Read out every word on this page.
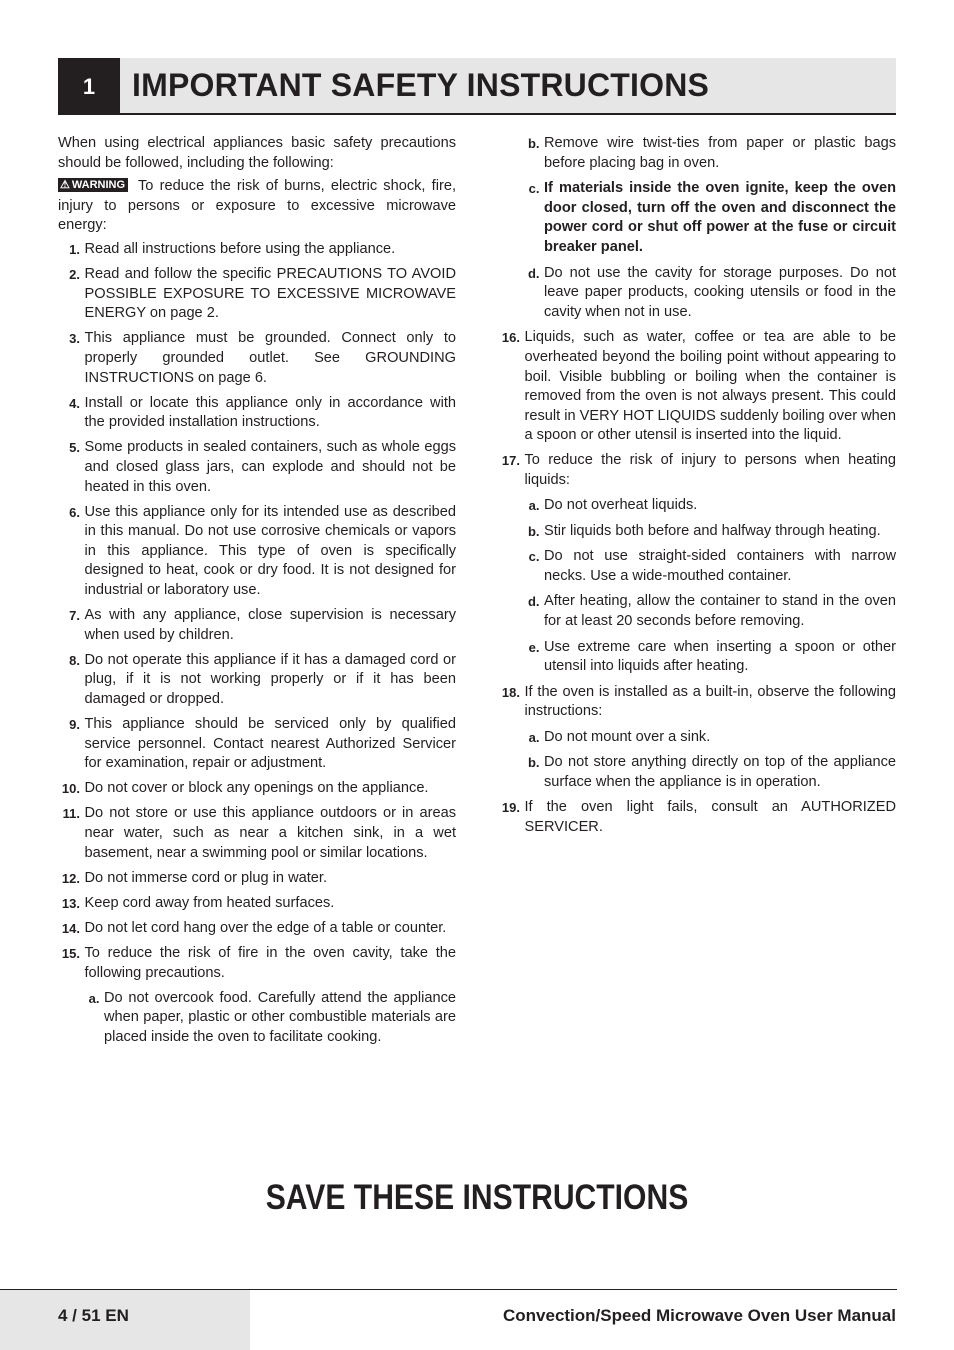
1	IMPORTANT SAFETY INSTRUCTIONS

When using electrical appliances basic safety precautions should be followed, including the following:

⚠ WARNING To reduce the risk of burns, electric shock, fire, injury to persons or exposure to excessive microwave energy:

1. Read all instructions before using the appliance.
2. Read and follow the specific PRECAUTIONS TO AVOID POSSIBLE EXPOSURE TO EXCESSIVE MICROWAVE ENERGY on page 2.
3. This appliance must be grounded. Connect only to properly grounded outlet. See GROUNDING INSTRUCTIONS on page 6.
4. Install or locate this appliance only in accordance with the provided installation instructions.
5. Some products in sealed containers, such as whole eggs and closed glass jars, can explode and should not be heated in this oven.
6. Use this appliance only for its intended use as described in this manual. Do not use corrosive chemicals or vapors in this appliance. This type of oven is specifically designed to heat, cook or dry food. It is not designed for industrial or laboratory use.
7. As with any appliance, close supervision is necessary when used by children.
8. Do not operate this appliance if it has a damaged cord or plug, if it is not working properly or if it has been damaged or dropped.
9. This appliance should be serviced only by qualified service personnel. Contact nearest Authorized Servicer for examination, repair or adjustment.
10. Do not cover or block any openings on the appliance.
11. Do not store or use this appliance outdoors or in areas near water, such as near a kitchen sink, in a wet basement, near a swimming pool or similar locations.
12. Do not immerse cord or plug in water.
13. Keep cord away from heated surfaces.
14. Do not let cord hang over the edge of a table or counter.
15. To reduce the risk of fire in the oven cavity, take the following precautions.
a. Do not overcook food. Carefully attend the appliance when paper, plastic or other combustible materials are placed inside the oven to facilitate cooking.
b. Remove wire twist-ties from paper or plastic bags before placing bag in oven.
c. If materials inside the oven ignite, keep the oven door closed, turn off the oven and disconnect the power cord or shut off power at the fuse or circuit breaker panel.
d. Do not use the cavity for storage purposes. Do not leave paper products, cooking utensils or food in the cavity when not in use.
16. Liquids, such as water, coffee or tea are able to be overheated beyond the boiling point without appearing to boil. Visible bubbling or boiling when the container is removed from the oven is not always present. This could result in VERY HOT LIQUIDS suddenly boiling over when a spoon or other utensil is inserted into the liquid.
17. To reduce the risk of injury to persons when heating liquids:
a. Do not overheat liquids.
b. Stir liquids both before and halfway through heating.
c. Do not use straight-sided containers with narrow necks. Use a wide-mouthed container.
d. After heating, allow the container to stand in the oven for at least 20 seconds before removing.
e. Use extreme care when inserting a spoon or other utensil into liquids after heating.
18. If the oven is installed as a built-in, observe the following instructions:
a. Do not mount over a sink.
b. Do not store anything directly on top of the appliance surface when the appliance is in operation.
19. If the oven light fails, consult an AUTHORIZED SERVICER.
SAVE THESE INSTRUCTIONS
4 / 51 EN	Convection/Speed Microwave Oven User Manual
